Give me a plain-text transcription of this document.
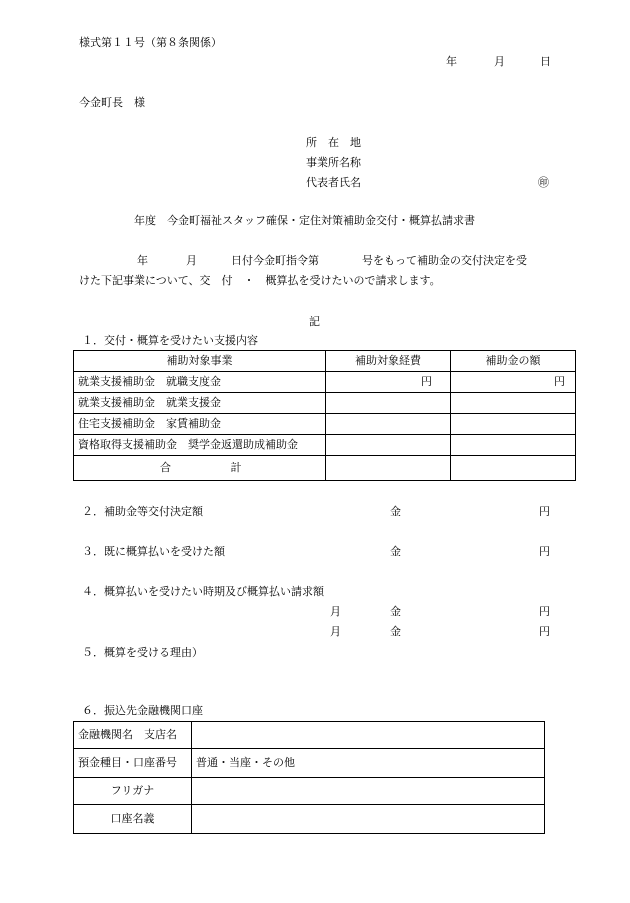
様式第１１号（第８条関係）
年	月	日
今金町長　様
所　在　地
事業所名称
代表者氏名	㊞
年度　今金町福祉スタッフ確保・定住対策補助金交付・概算払請求書
年	月	日付今金町指令第	号をもって補助金の交付決定を受
けた下記事業について、交　付　・　概算払を受けたいので請求します。
記
１．交付・概算を受けたい支援内容
補助対象事業	補助対象経費	補助金の額
就業支援補助金　就職支度金	円	円
就業支援補助金　就業支援金		
住宅支援補助金　家賃補助金		
資格取得支援補助金　奨学金返還助成補助金		
合 計		
２．補助金等交付決定額	金	円
３．既に概算払いを受けた額	金	円
４．概算払いを受けたい時期及び概算払い請求額
月	金	円
月	金	円
５．概算を受ける理由）
６．振込先金融機関口座
金融機関名　支店名	
預金種目・口座番号	普通・当座・その他
フリガナ	
口座名義	
